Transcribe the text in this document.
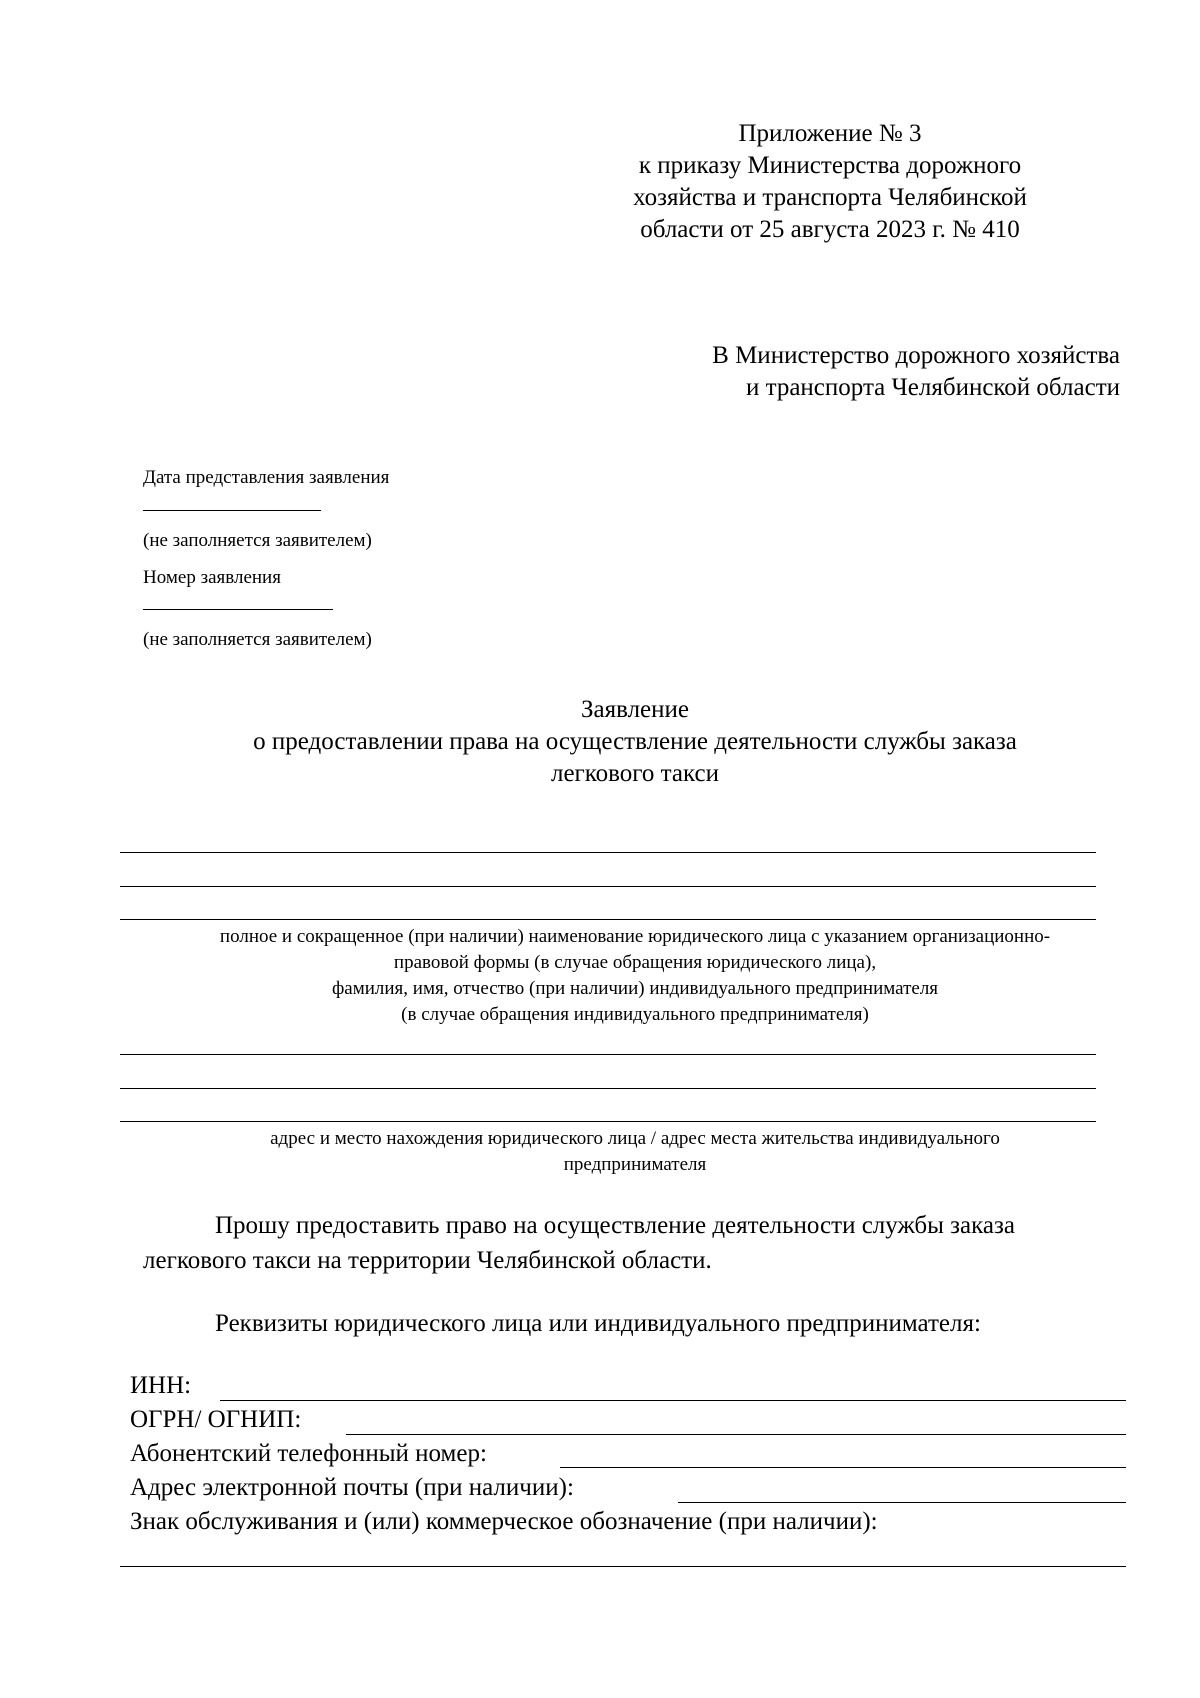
Приложение № 3
к приказу Министерства дорожного
хозяйства и транспорта Челябинской
области от 25 августа 2023 г. № 410
В Министерство дорожного хозяйства
и транспорта Челябинской области
Дата представления заявления
(не заполняется заявителем)
Номер заявления
(не заполняется заявителем)
Заявление
о предоставлении права на осуществление деятельности службы заказа
легкового такси
полное и сокращенное (при наличии) наименование юридического лица с указанием организационно-
правовой формы (в случае обращения юридического лица),
фамилия, имя, отчество (при наличии) индивидуального предпринимателя
(в случае обращения индивидуального предпринимателя)
адрес и место нахождения юридического лица / адрес места жительства индивидуального
предпринимателя
Прошу предоставить право на осуществление деятельности службы заказа
легкового такси на территории Челябинской области.
Реквизиты юридического лица или индивидуального предпринимателя:
ИНН:
ОГРН/ ОГНИП:
Абонентский телефонный номер:
Адрес электронной почты (при наличии):
Знак обслуживания и (или) коммерческое обозначение (при наличии):
